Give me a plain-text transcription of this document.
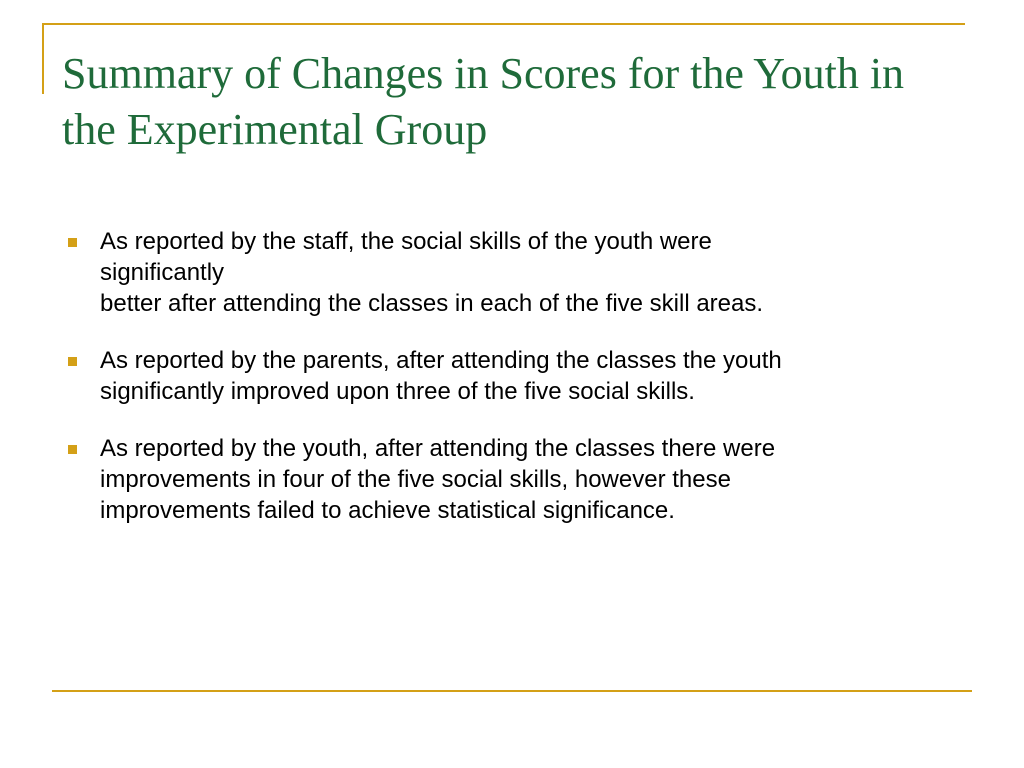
Summary of Changes in Scores for the Youth in the Experimental Group
As reported by the staff, the social skills of the youth were
significantly
better after attending the classes in each of the five skill areas.
As reported by the parents, after attending the classes the youth
significantly improved upon three of the five social skills.
As reported by the youth, after attending the classes there were
improvements in four of the five social skills, however these
improvements failed to achieve statistical significance.
